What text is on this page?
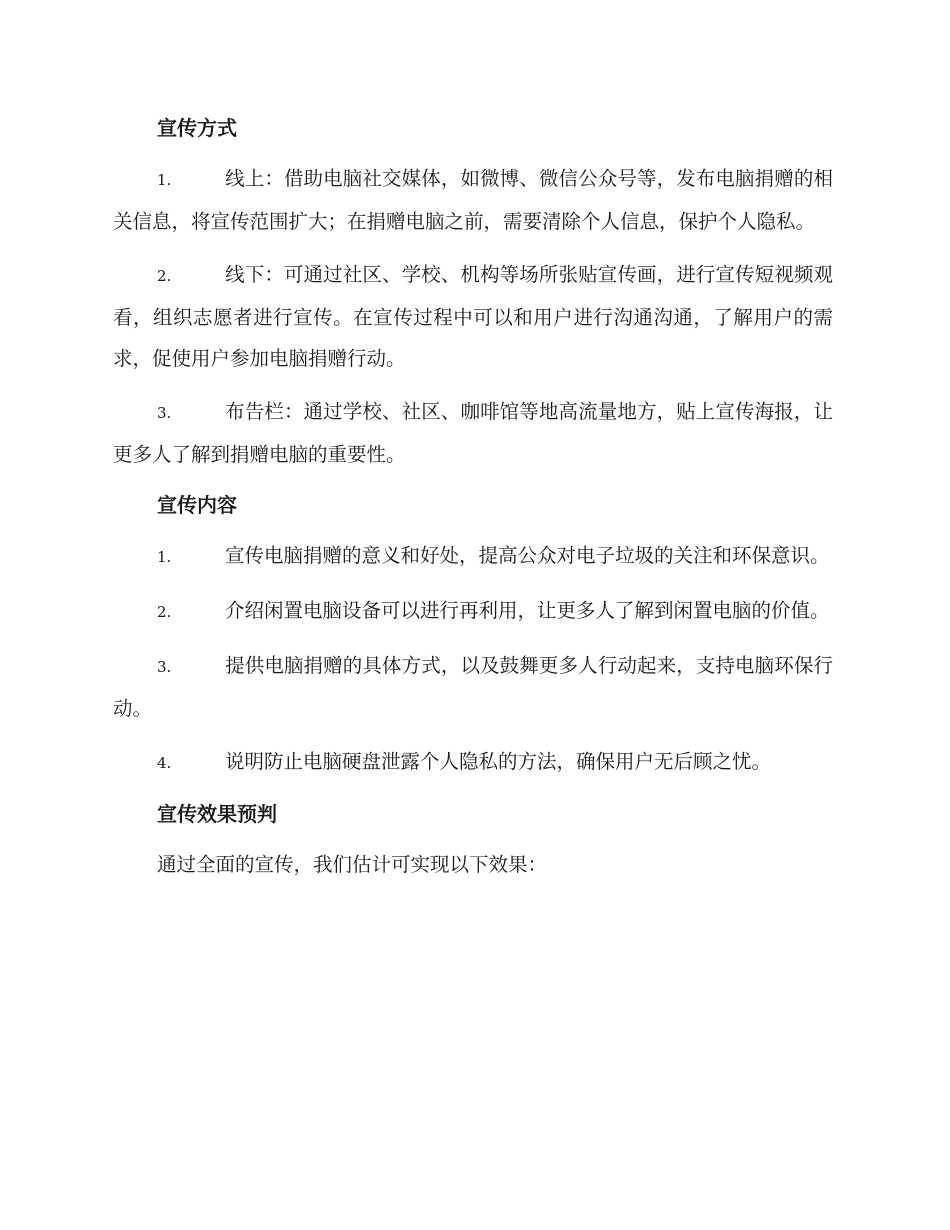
宣传方式
1.	线上：借助电脑社交媒体，如微博、微信公众号等，发布电脑捐赠的相关信息，将宣传范围扩大；在捐赠电脑之前，需要清除个人信息，保护个人隐私。
2.	线下：可通过社区、学校、机构等场所张贴宣传画，进行宣传短视频观看，组织志愿者进行宣传。在宣传过程中可以和用户进行沟通沟通，了解用户的需求，促使用户参加电脑捐赠行动。
3.	布告栏：通过学校、社区、咖啡馆等地高流量地方，贴上宣传海报，让更多人了解到捐赠电脑的重要性。
宣传内容
1.	宣传电脑捐赠的意义和好处，提高公众对电子垃圾的关注和环保意识。
2.	介绍闲置电脑设备可以进行再利用，让更多人了解到闲置电脑的价值。
3.	提供电脑捐赠的具体方式，以及鼓舞更多人行动起来，支持电脑环保行动。
4.	说明防止电脑硬盘泄露个人隐私的方法，确保用户无后顾之忧。
宣传效果预判
通过全面的宣传，我们估计可实现以下效果：
